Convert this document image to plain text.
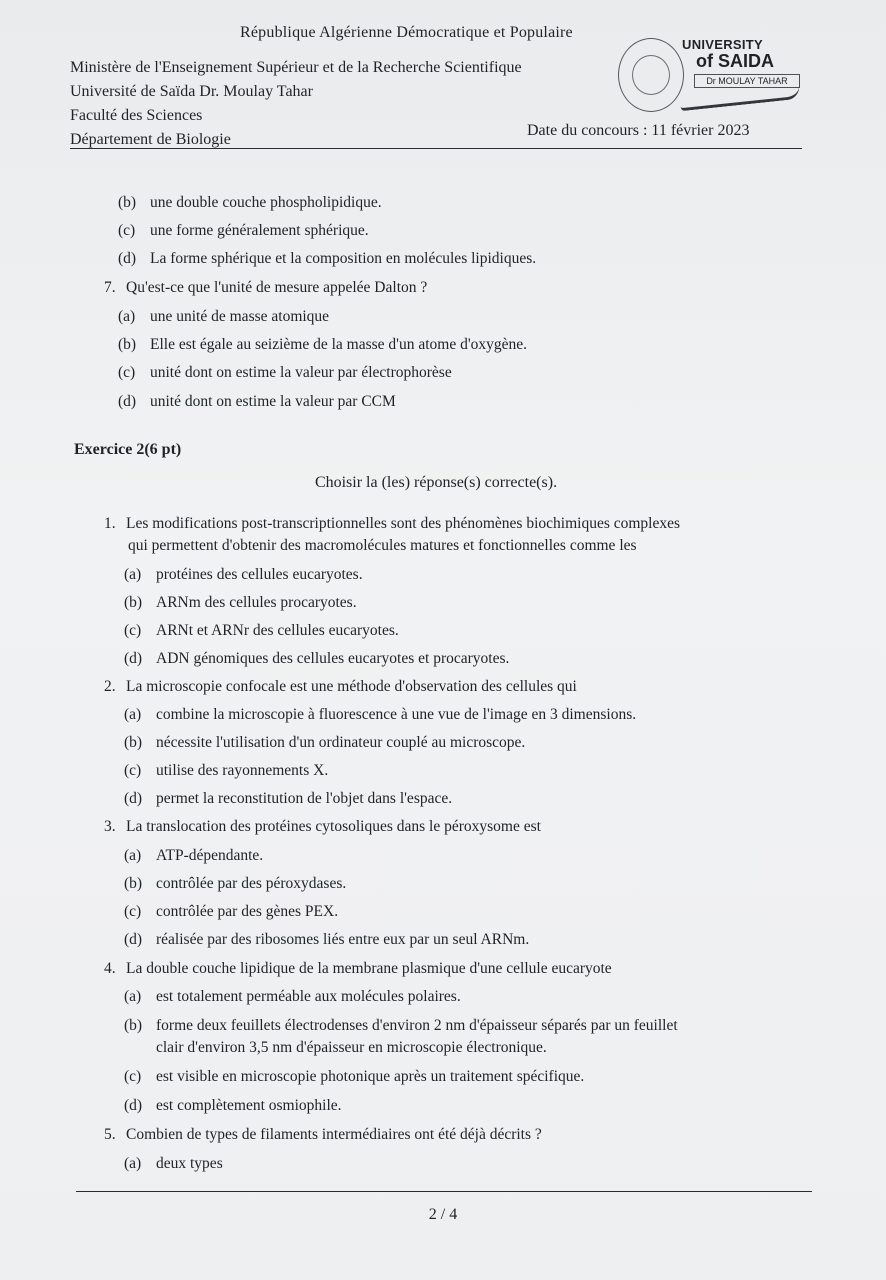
République Algérienne Démocratique et Populaire
Ministère de l'Enseignement Supérieur et de la Recherche Scientifique
Université de Saïda Dr. Moulay Tahar
Faculté des Sciences
Département de Biologie
UNIVERSITY
of SAIDA
Dr MOULAY TAHAR
Date du concours : 11 février 2023
(b) une double couche phospholipidique.
(c) une forme généralement sphérique.
(d) La forme sphérique et la composition en molécules lipidiques.
7. Qu'est-ce que l'unité de mesure appelée Dalton ?
(a) une unité de masse atomique
(b) Elle est égale au seizième de la masse d'un atome d'oxygène.
(c) unité dont on estime la valeur par électrophorèse
(d) unité dont on estime la valeur par CCM
Exercice 2(6 pt)
Choisir la (les) réponse(s) correcte(s).
1. Les modifications post-transcriptionnelles sont des phénomènes biochimiques complexes
qui permettent d'obtenir des macromolécules matures et fonctionnelles comme les
(a) protéines des cellules eucaryotes.
(b) ARNm des cellules procaryotes.
(c) ARNt et ARNr des cellules eucaryotes.
(d) ADN génomiques des cellules eucaryotes et procaryotes.
2. La microscopie confocale est une méthode d'observation des cellules qui
(a) combine la microscopie à fluorescence à une vue de l'image en 3 dimensions.
(b) nécessite l'utilisation d'un ordinateur couplé au microscope.
(c) utilise des rayonnements X.
(d) permet la reconstitution de l'objet dans l'espace.
3. La translocation des protéines cytosoliques dans le péroxysome est
(a) ATP-dépendante.
(b) contrôlée par des péroxydases.
(c) contrôlée par des gènes PEX.
(d) réalisée par des ribosomes liés entre eux par un seul ARNm.
4. La double couche lipidique de la membrane plasmique d'une cellule eucaryote
(a) est totalement perméable aux molécules polaires.
(b) forme deux feuillets électrodenses d'environ 2 nm d'épaisseur séparés par un feuillet
clair d'environ 3,5 nm d'épaisseur en microscopie électronique.
(c) est visible en microscopie photonique après un traitement spécifique.
(d) est complètement osmiophile.
5. Combien de types de filaments intermédiaires ont été déjà décrits ?
(a) deux types
2 / 4
